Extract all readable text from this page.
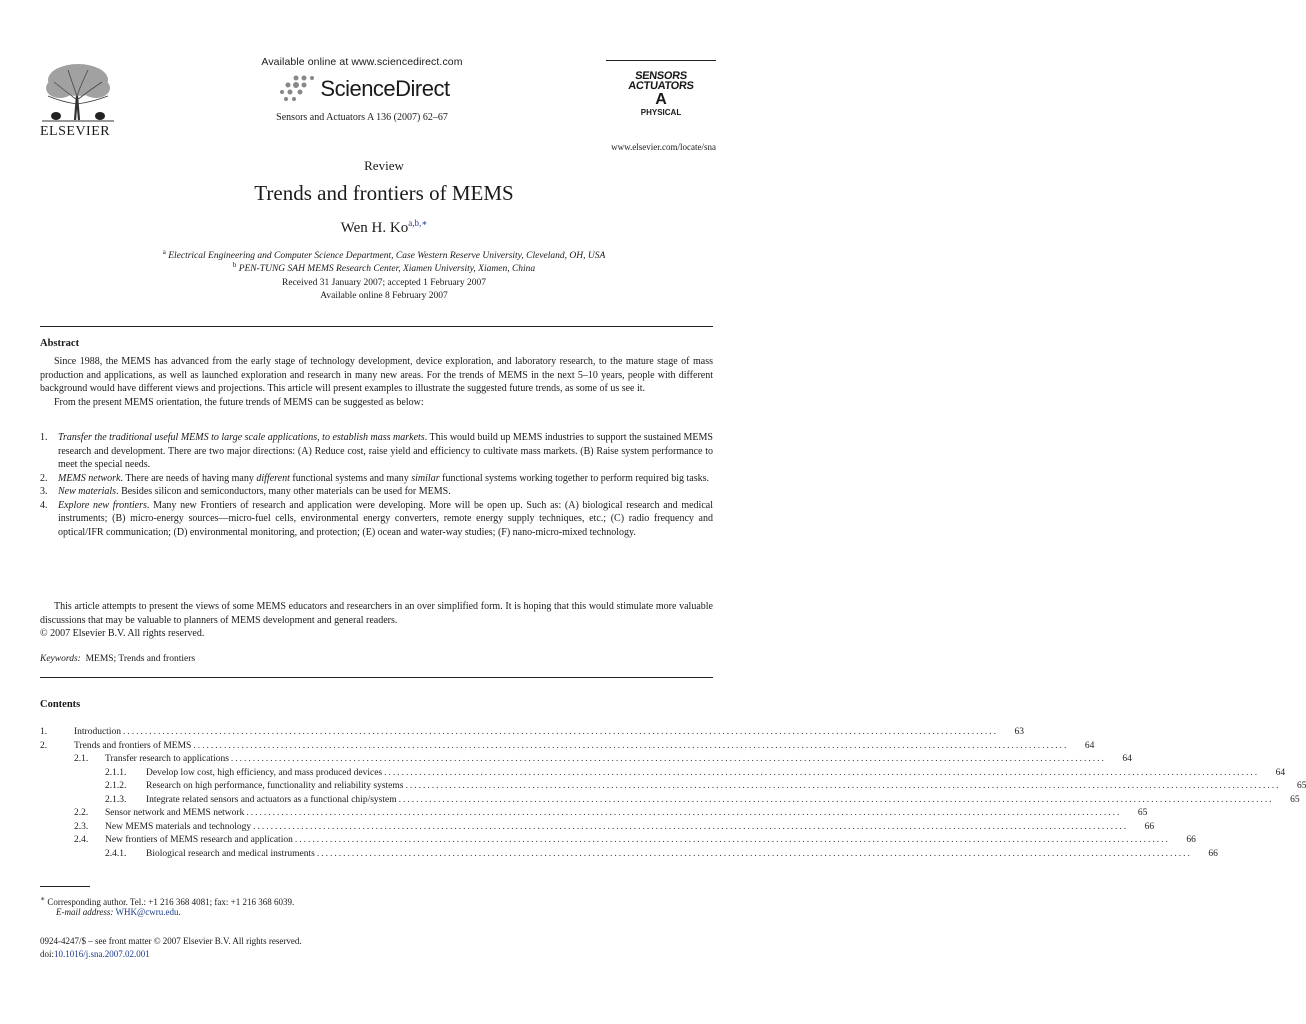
ELSEVIER
Available online at www.sciencedirect.com
ScienceDirect
Sensors and Actuators A 136 (2007) 62–67
SENSORS
ACTUATORS
A
PHYSICAL
www.elsevier.com/locate/sna
Review
Trends and frontiers of MEMS
Wen H. $Ko^{a,b,∗}$
$^a$ Electrical Engineering and Computer Science Department, Case Western Reserve University, Cleveland, OH, USA
$^b$ PEN-TUNG SAH MEMS Research Center, Xiamen University, Xiamen, China
Received 31 January 2007; accepted 1 February 2007
Available online 8 February 2007
Abstract

Since 1988, the MEMS has advanced from the early stage of technology development, device exploration, and laboratory research, to the mature stage of mass production and applications, as well as launched exploration and research in many new areas. For the trends of MEMS in the next 5–10 years, people with different background would have different views and projections. This article will present examples to illustrate the suggested future trends, as some of us see it.

From the present MEMS orientation, the future trends of MEMS can be suggested as below:

1.	Transfer the traditional useful MEMS to large scale applications, to establish mass markets. This would build up MEMS industries to support the sustained MEMS research and development. There are two major directions: (A) Reduce cost, raise yield and efficiency to cultivate mass markets. (B) Raise system performance to meet the special needs.
2.	MEMS network. There are needs of having many different functional systems and many similar functional systems working together to perform required big tasks.
3.	New materials. Besides silicon and semiconductors, many other materials can be used for MEMS.
4.	Explore new frontiers. Many new Frontiers of research and application were developing. More will be open up. Such as: (A) biological research and medical instruments; (B) micro-energy sources—micro-fuel cells, environmental energy converters, remote energy supply techniques, etc.; (C) radio frequency and optical/IFR communication; (D) environmental monitoring, and protection; (E) ocean and water-way studies; (F) nano-micro-mixed technology.

This article attempts to present the views of some MEMS educators and researchers in an over simplified form. It is hoping that this would stimulate more valuable discussions that may be valuable to planners of MEMS development and general readers.

© 2007 Elsevier B.V. All rights reserved.
Keywords: MEMS; Trends and frontiers
Contents
1.	Introduction ........................................................................................................................................................................................................	63
2.	Trends and frontiers of MEMS ........................................................................................................................................................................................................	64
2.1.	Transfer research to applications ........................................................................................................................................................................................................	64
2.1.1.	Develop low cost, high efficiency, and mass produced devices ........................................................................................................................................................................................................	64
2.1.2.	Research on high performance, functionality and reliability systems ........................................................................................................................................................................................................	65
2.1.3.	Integrate related sensors and actuators as a functional chip/system ........................................................................................................................................................................................................	65
2.2.	Sensor network and MEMS network ........................................................................................................................................................................................................	65
2.3.	New MEMS materials and technology ........................................................................................................................................................................................................	66
2.4.	New frontiers of MEMS research and application ........................................................................................................................................................................................................	66
2.4.1.	Biological research and medical instruments ........................................................................................................................................................................................................	66
∗ Corresponding author. Tel.: +1 216 368 4081; fax: +1 216 368 6039.
E-mail address: WHK@cwru.edu.
0924-4247/$ – see front matter © 2007 Elsevier B.V. All rights reserved.
doi:10.1016/j.sna.2007.02.001
